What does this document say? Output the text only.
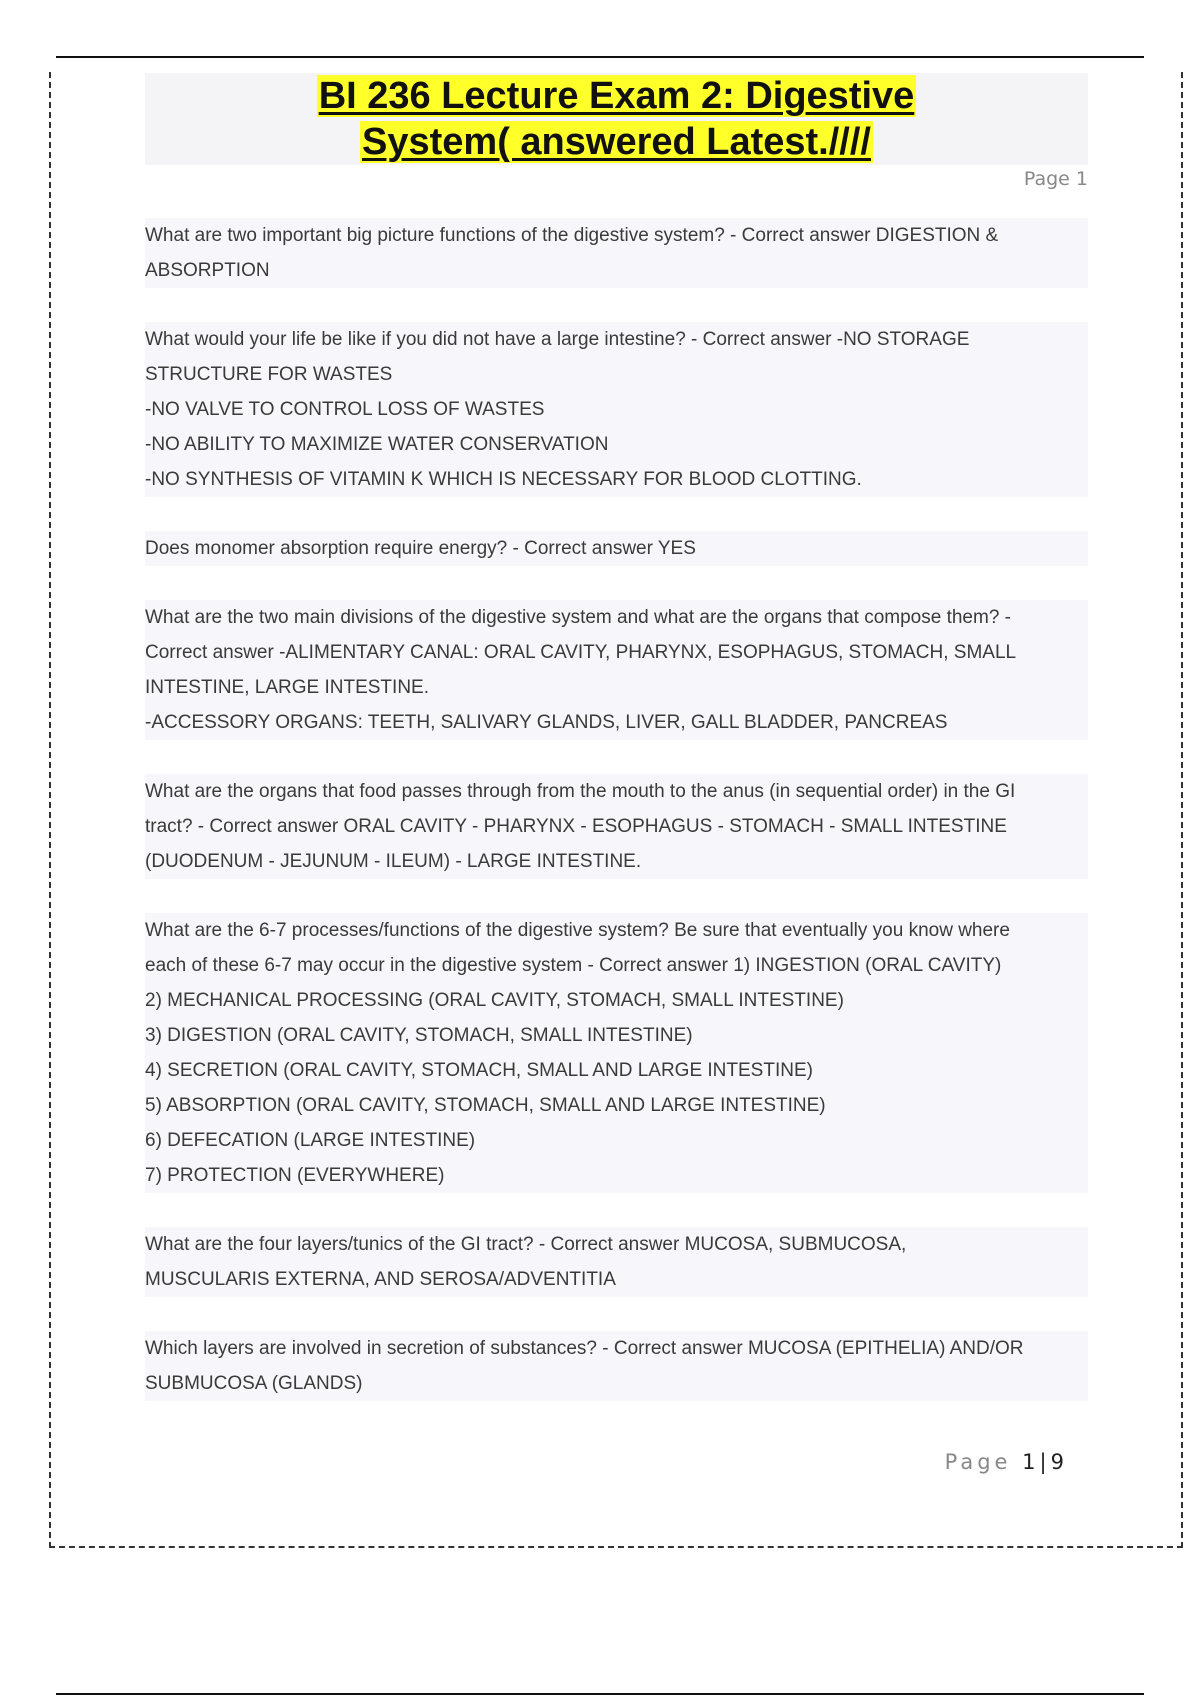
BI 236 Lecture Exam 2: Digestive
System( answered Latest.////
Page 1

What are two important big picture functions of the digestive system? - Correct answer DIGESTION &

ABSORPTION

What would your life be like if you did not have a large intestine? - Correct answer -NO STORAGE

STRUCTURE FOR WASTES

-NO VALVE TO CONTROL LOSS OF WASTES

-NO ABILITY TO MAXIMIZE WATER CONSERVATION

-NO SYNTHESIS OF VITAMIN K WHICH IS NECESSARY FOR BLOOD CLOTTING.

Does monomer absorption require energy? - Correct answer YES

What are the two main divisions of the digestive system and what are the organs that compose them? -

Correct answer -ALIMENTARY CANAL: ORAL CAVITY, PHARYNX, ESOPHAGUS, STOMACH, SMALL

INTESTINE, LARGE INTESTINE.

-ACCESSORY ORGANS: TEETH, SALIVARY GLANDS, LIVER, GALL BLADDER, PANCREAS

What are the organs that food passes through from the mouth to the anus (in sequential order) in the GI

tract? - Correct answer ORAL CAVITY - PHARYNX - ESOPHAGUS - STOMACH - SMALL INTESTINE

(DUODENUM - JEJUNUM - ILEUM) - LARGE INTESTINE.

What are the 6-7 processes/functions of the digestive system? Be sure that eventually you know where

each of these 6-7 may occur in the digestive system - Correct answer 1) INGESTION (ORAL CAVITY)

2) MECHANICAL PROCESSING (ORAL CAVITY, STOMACH, SMALL INTESTINE)

3) DIGESTION (ORAL CAVITY, STOMACH, SMALL INTESTINE)

4) SECRETION (ORAL CAVITY, STOMACH, SMALL AND LARGE INTESTINE)

5) ABSORPTION (ORAL CAVITY, STOMACH, SMALL AND LARGE INTESTINE)

6) DEFECATION (LARGE INTESTINE)

7) PROTECTION (EVERYWHERE)

What are the four layers/tunics of the GI tract? - Correct answer MUCOSA, SUBMUCOSA,

MUSCULARIS EXTERNA, AND SEROSA/ADVENTITIA

Which layers are involved in secretion of substances? - Correct answer MUCOSA (EPITHELIA) AND/OR

SUBMUCOSA (GLANDS)

Page 1 | 9
